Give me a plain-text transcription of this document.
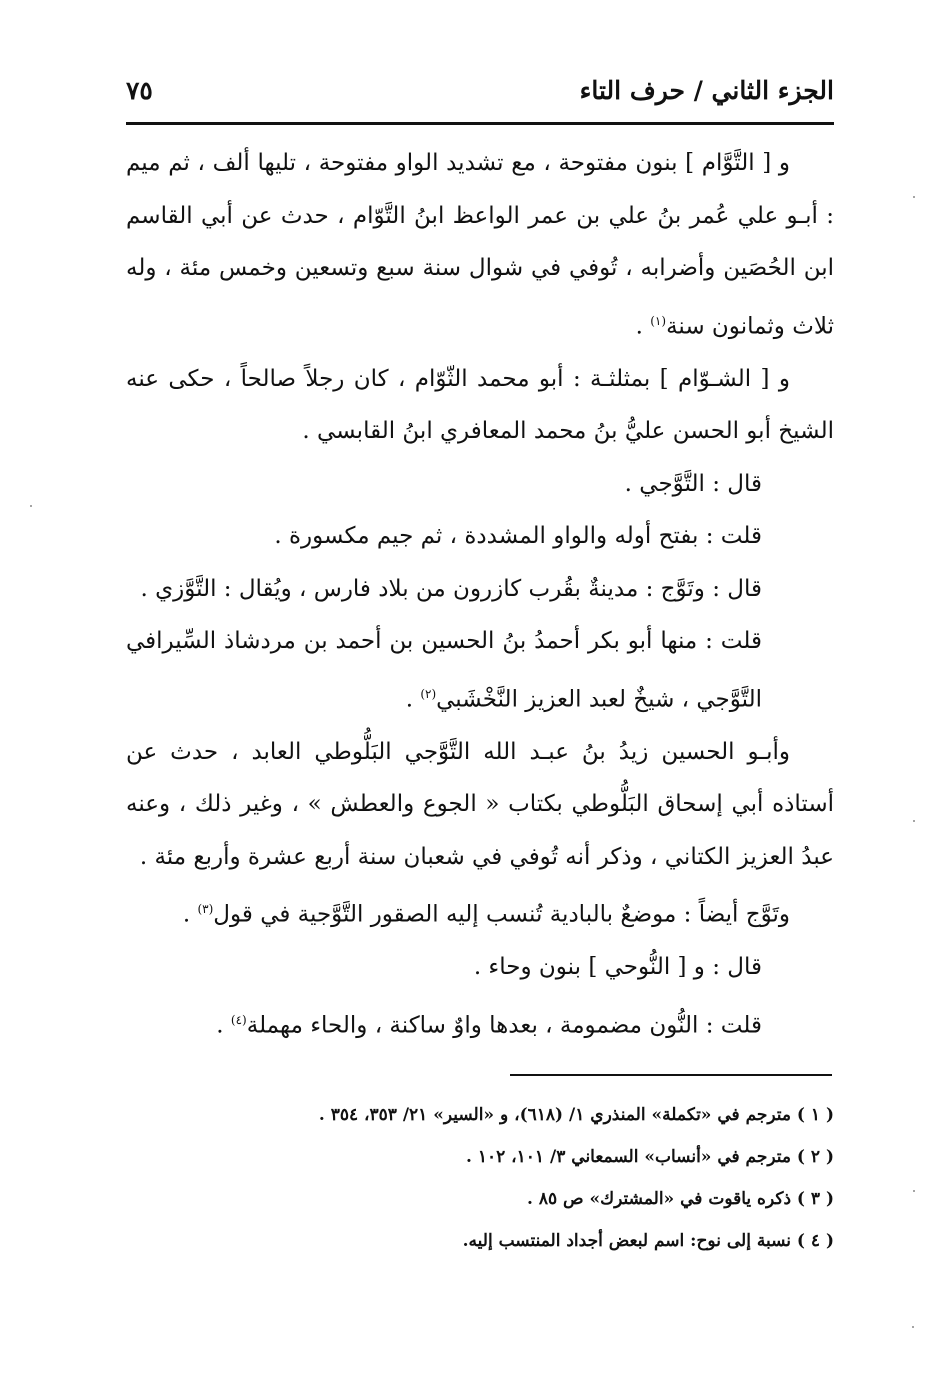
الجزء الثاني / حرف التاء
٧٥

و [ التَّوَّام ] بنون مفتوحة ، مع تشديد الواو مفتوحة ، تليها ألف ، ثم ميم : أبـو علي عُمر بنُ علي بن عمر الواعظ ابنُ التَّوّام ، حدث عن أبي القاسم ابن الحُصَين وأضرابه ، تُوفي في شوال سنة سبع وتسعين وخمس مئة ، وله ثلاث وثمانون سنة$^{(١)}$ .

و [ الشـوّام ] بمثلثـة : أبو محمد الثّوّام ، كان رجلاً صالحاً ، حكى عنه الشيخ أبو الحسن عليُّ بنُ محمد المعافري ابنُ القابسي .

قال : التَّوَّجي .

قلت : بفتح أوله والواو المشددة ، ثم جيم مكسورة .

قال : وتَوَّج : مدينةٌ بقُرب كازرون من بلاد فارس ، ويُقال : التَّوَّزي .

قلت : منها أبو بكر أحمدُ بنُ الحسين بن أحمد بن مردشاذ السِّيرافي التَّوَّجي ، شيخٌ لعبد العزيز النَّخْشَبي$^{(٢)}$ .

وأبـو الحسين زيدُ بنُ عبـد الله التَّوَّجي البَلُّوطي العابد ، حدث عن أستاذه أبي إسحاق البَلُّوطي بكتاب « الجوع والعطش » ، وغير ذلك ، وعنه عبدُ العزيز الكتاني ، وذكر أنه تُوفي في شعبان سنة أربع عشرة وأربع مئة .

وتَوَّج أيضاً : موضعٌ بالبادية تُنسب إليه الصقور التَّوَّجية في قول$^{(٣)}$ .

قال : و [ النُّوحي ] بنون وحاء .

قلت : النُّون مضمومة ، بعدها واوٌ ساكنة ، والحاء مهملة$^{(٤)}$ .

( ١ ) مترجم في «تكملة» المنذري ١/ (٦١٨)، و «السير» ٢١/ ٣٥٣، ٣٥٤ .

( ٢ ) مترجم في «أنساب» السمعاني ٣/ ١٠١، ١٠٢ .

( ٣ ) ذكره ياقوت في «المشترك» ص ٨٥ .

( ٤ ) نسبة إلى نوح: اسم لبعض أجداد المنتسب إليه.
